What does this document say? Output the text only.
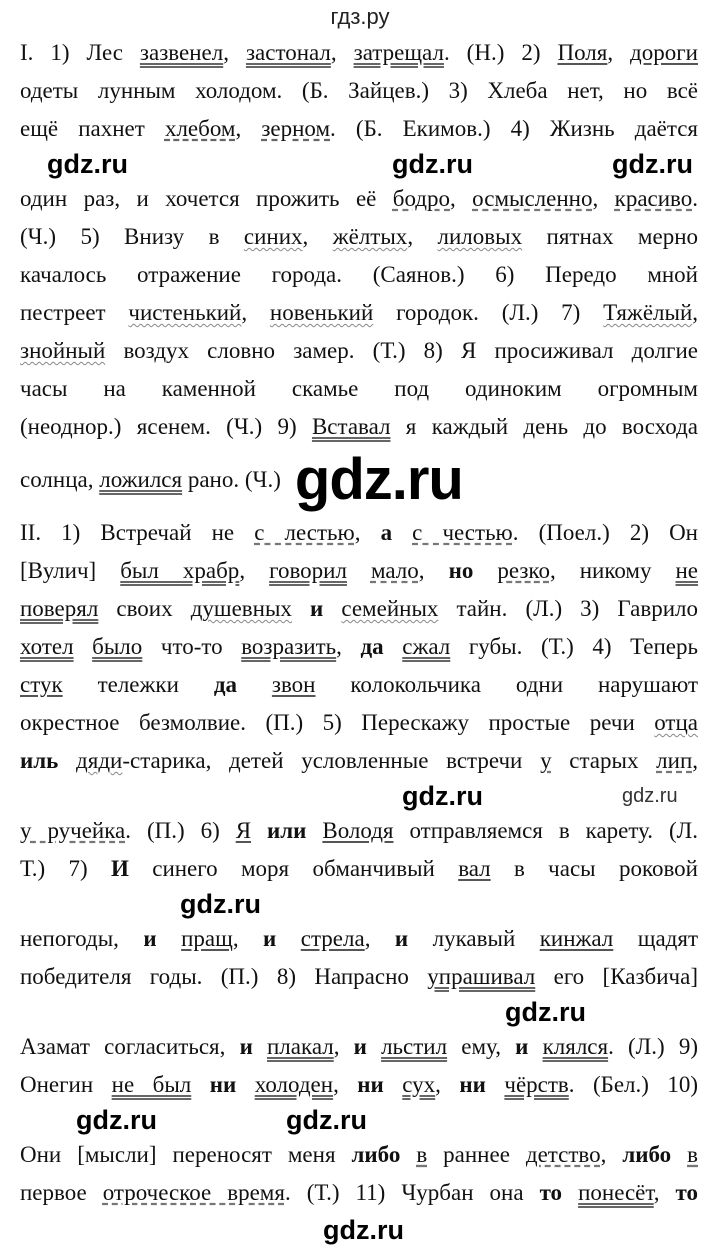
гдз.ру
I. 1) Лес зазвенел, застонал, затрещал. (Н.) 2) Поля, дороги
одеты лунным холодом. (Б. Зайцев.) 3) Хлеба нет, но всё
ещё пахнет хлебом, зерном. (Б. Екимов.) 4) Жизнь даётся
gdz.ru	gdz.ru	gdz.ru
один раз, и хочется прожить её бодро, осмысленно, красиво.
(Ч.) 5) Внизу в синих, жёлтых, лиловых пятнах мерно
качалось отражение города. (Саянов.) 6) Передо мной
пестреет чистенький, новенький городок. (Л.) 7) Тяжёлый,
знойный воздух словно замер. (Т.) 8) Я просиживал долгие
часы на каменной скамье под одиноким огромным
(неоднор.) ясенем. (Ч.) 9) Вставал я каждый день до восхода
солнца, ложился рано. (Ч.) gdz.ru
II. 1) Встречай не с лестью, а с честью. (Поел.) 2) Он
[Вулич] был храбр, говорил мало, но резко, никому не
поверял своих душевных и семейных тайн. (Л.) 3) Гаврило
хотел было что-то возразить, да сжал губы. (Т.) 4) Теперь
стук тележки да звон колокольчика одни нарушают
окрестное безмолвие. (П.) 5) Перескажу простые речи отца
иль дяди-старика, детей условленные встречи у старых лип,
gdz.ru	gdz.ru
у ручейка. (П.) 6) Я или Володя отправляемся в карету. (Л.
Т.) 7) И синего моря обманчивый вал в часы роковой
gdz.ru
непогоды, и пращ, и стрела, и лукавый кинжал щадят
победителя годы. (П.) 8) Напрасно упрашивал его [Казбича]
gdz.ru
Азамат согласиться, и плакал, и льстил ему, и клялся. (Л.) 9)
Онегин не был ни холоден, ни сух, ни чёрств. (Бел.) 10)
gdz.ru	gdz.ru
Они [мысли] переносят меня либо в раннее детство, либо в
первое отроческое время. (Т.) 11) Чурбан она то понесёт, то
gdz.ru
